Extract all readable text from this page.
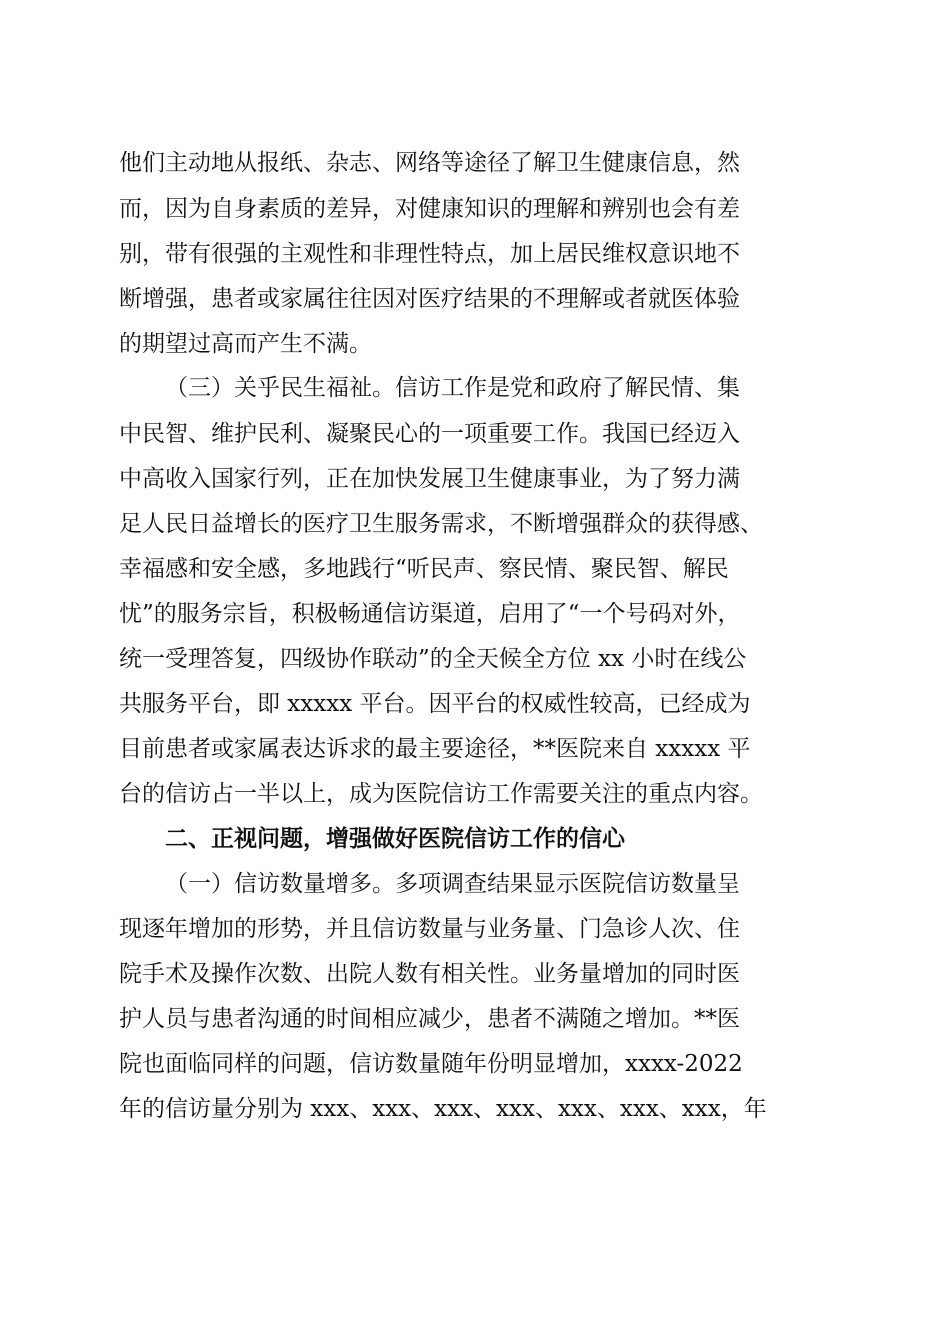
他们主动地从报纸、杂志、网络等途径了解卫生健康信息，然
而，因为自身素质的差异，对健康知识的理解和辨别也会有差
别，带有很强的主观性和非理性特点，加上居民维权意识地不
断增强，患者或家属往往因对医疗结果的不理解或者就医体验
的期望过高而产生不满。
（三）关乎民生福祉。信访工作是党和政府了解民情、集
中民智、维护民利、凝聚民心的一项重要工作。我国已经迈入
中高收入国家行列，正在加快发展卫生健康事业，为了努力满
足人民日益增长的医疗卫生服务需求，不断增强群众的获得感、
幸福感和安全感，多地践行“听民声、察民情、聚民智、解民
忧”的服务宗旨，积极畅通信访渠道，启用了“一个号码对外，
统一受理答复，四级协作联动”的全天候全方位 xx 小时在线公
共服务平台，即 xxxxx 平台。因平台的权威性较高，已经成为
目前患者或家属表达诉求的最主要途径，**医院来自 xxxxx 平
台的信访占一半以上，成为医院信访工作需要关注的重点内容。
二、正视问题，增强做好医院信访工作的信心
（一）信访数量增多。多项调查结果显示医院信访数量呈
现逐年增加的形势，并且信访数量与业务量、门急诊人次、住
院手术及操作次数、出院人数有相关性。业务量增加的同时医
护人员与患者沟通的时间相应减少，患者不满随之增加。**医
院也面临同样的问题，信访数量随年份明显增加，xxxx-2022
年的信访量分别为 xxx、xxx、xxx、xxx、xxx、xxx、xxx，年
